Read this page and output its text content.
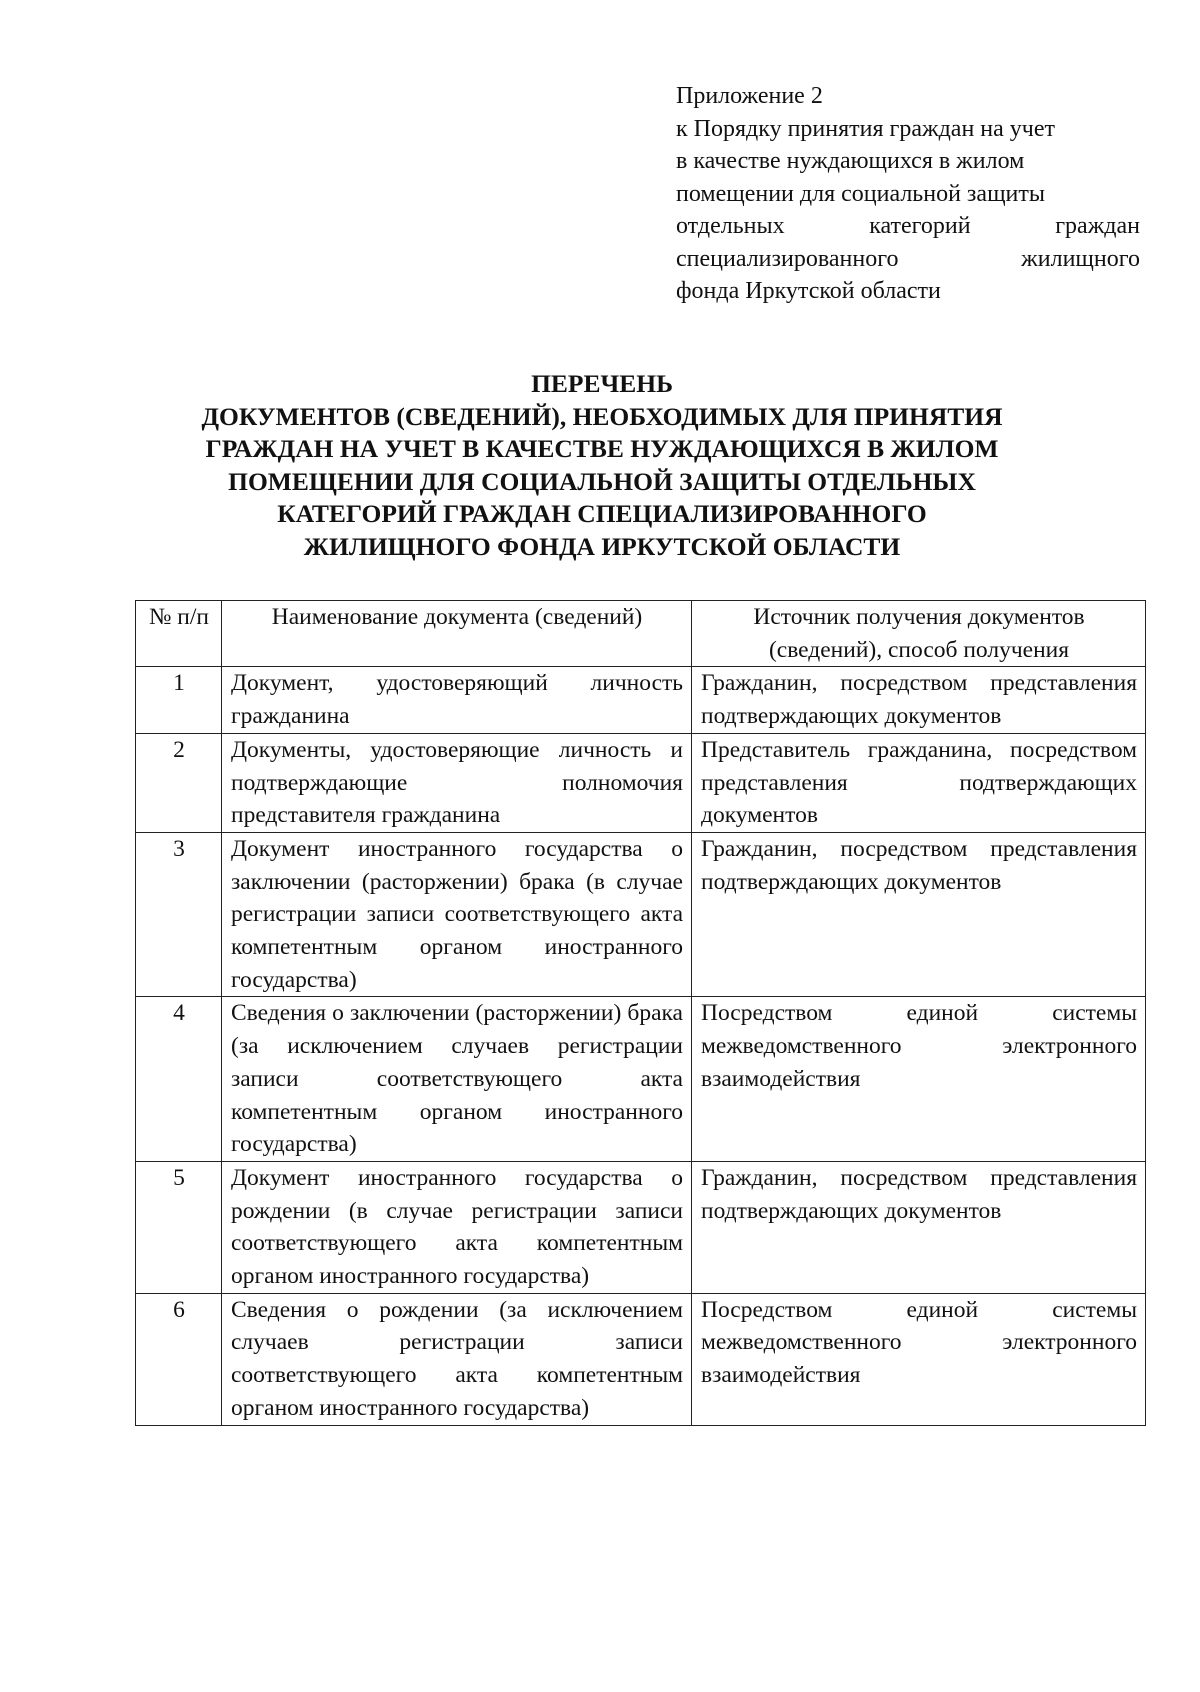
Приложение 2
к Порядку принятия граждан на учет
в качестве нуждающихся в жилом
помещении для социальной защиты
отдельных категорий граждан
специализированного жилищного
фонда Иркутской области
ПЕРЕЧЕНЬ
ДОКУМЕНТОВ (СВЕДЕНИЙ), НЕОБХОДИМЫХ ДЛЯ ПРИНЯТИЯ
ГРАЖДАН НА УЧЕТ В КАЧЕСТВЕ НУЖДАЮЩИХСЯ В ЖИЛОМ
ПОМЕЩЕНИИ ДЛЯ СОЦИАЛЬНОЙ ЗАЩИТЫ ОТДЕЛЬНЫХ
КАТЕГОРИЙ ГРАЖДАН СПЕЦИАЛИЗИРОВАННОГО
ЖИЛИЩНОГО ФОНДА ИРКУТСКОЙ ОБЛАСТИ
№ п/п	Наименование документа (сведений)	Источник получения документов (сведений), способ получения
1	Документ, удостоверяющий личность гражданина	Гражданин, посредством представления подтверждающих документов
2	Документы, удостоверяющие личность и подтверждающие полномочия представителя гражданина	Представитель гражданина, посредством представления подтверждающих документов
3	Документ иностранного государства о заключении (расторжении) брака (в случае регистрации записи соответствующего акта компетентным органом иностранного государства)	Гражданин, посредством представления подтверждающих документов
4	Сведения о заключении (расторжении) брака (за исключением случаев регистрации записи соответствующего акта компетентным органом иностранного государства)	Посредством единой системы межведомственного электронного взаимодействия
5	Документ иностранного государства о рождении (в случае регистрации записи соответствующего акта компетентным органом иностранного государства)	Гражданин, посредством представления подтверждающих документов
6	Сведения о рождении (за исключением случаев регистрации записи соответствующего акта компетентным органом иностранного государства)	Посредством единой системы межведомственного электронного взаимодействия
